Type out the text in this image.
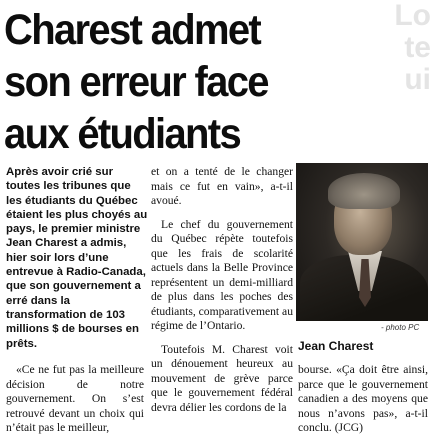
Lo
te
ui
Charest admet
son erreur face
aux étudiants
Après avoir crié sur toutes les tribunes que les étudiants du Québec étaient les plus choyés au pays, le premier ministre Jean Charest a admis, hier soir lors d’une entrevue à Radio-Canada, que son gouvernement a erré dans la transformation de 103 millions $ de bourses en prêts.
«Ce ne fut pas la meilleure décision de notre gouvernement. On s’est retrouvé devant un choix qui n’était pas le meilleur,

et on a tenté de le changer mais ce fut en vain», a-t-il avoué.

Le chef du gouvernement du Québec répète toutefois que les frais de scolarité actuels dans la Belle Province représentent un demi-milliard de plus dans les poches des étudiants, comparativement au régime de l’Ontario.

Toutefois M. Charest voit un dénouement heureux au mouvement de grève parce que le gouvernement fédéral devra délier les cordons de la

- photo PC
Jean Charest
bourse. «Ça doit être ainsi, parce que le gouvernement canadien a des moyens que nous n’avons pas», a-t-il conclu. (JCG)
